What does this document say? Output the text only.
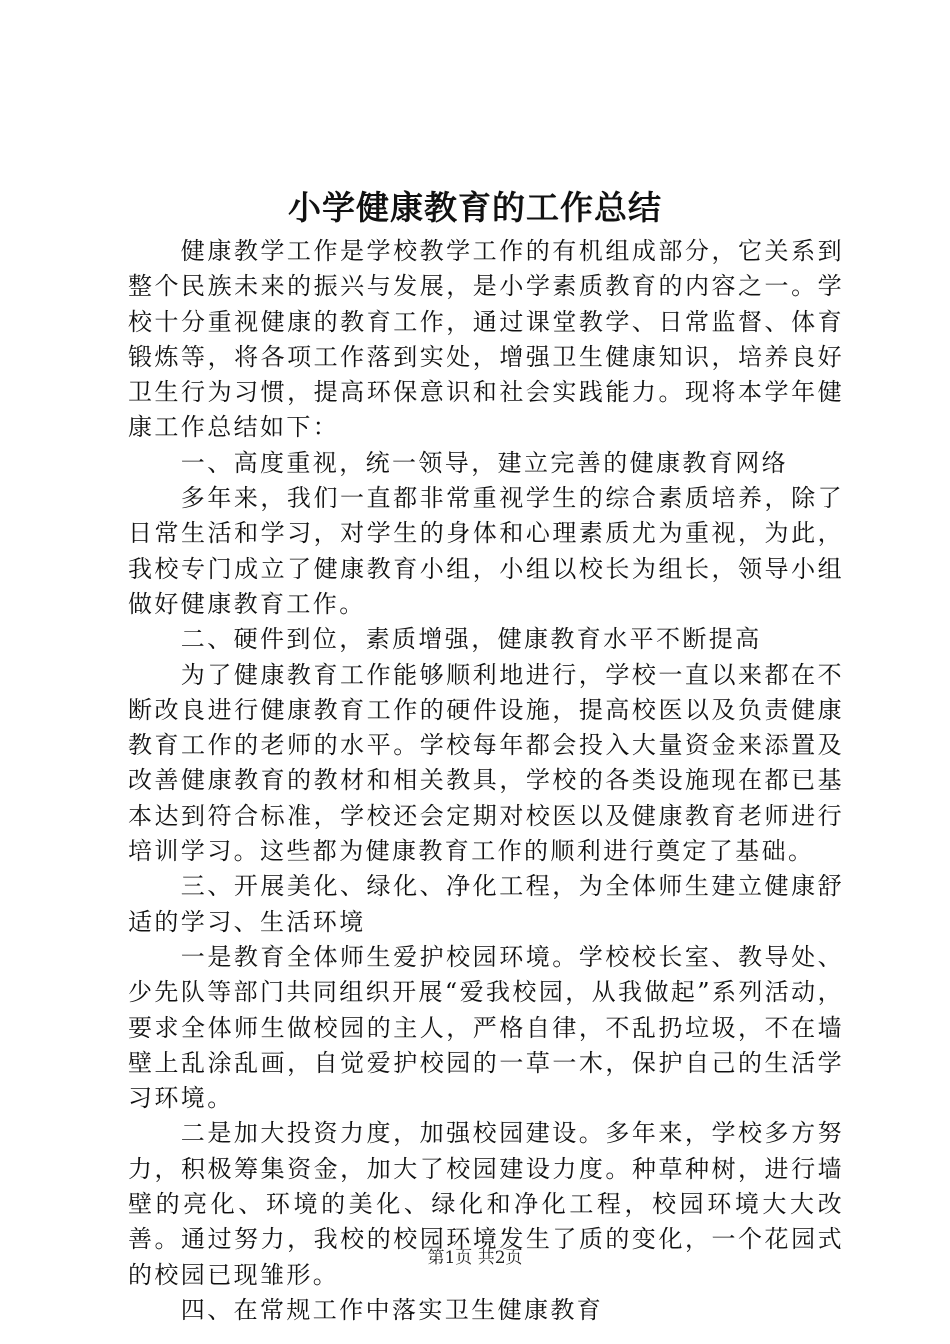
小学健康教育的工作总结

健康教学工作是学校教学工作的有机组成部分，它关系到整个民族未来的振兴与发展，是小学素质教育的内容之一。学校十分重视健康的教育工作，通过课堂教学、日常监督、体育锻炼等，将各项工作落到实处，增强卫生健康知识，培养良好卫生行为习惯，提高环保意识和社会实践能力。现将本学年健康工作总结如下：

一、高度重视，统一领导，建立完善的健康教育网络

多年来，我们一直都非常重视学生的综合素质培养，除了日常生活和学习，对学生的身体和心理素质尤为重视，为此，我校专门成立了健康教育小组，小组以校长为组长，领导小组做好健康教育工作。

二、硬件到位，素质增强，健康教育水平不断提高

为了健康教育工作能够顺利地进行，学校一直以来都在不断改良进行健康教育工作的硬件设施，提高校医以及负责健康教育工作的老师的水平。学校每年都会投入大量资金来添置及改善健康教育的教材和相关教具，学校的各类设施现在都已基本达到符合标准，学校还会定期对校医以及健康教育老师进行培训学习。这些都为健康教育工作的顺利进行奠定了基础。

三、开展美化、绿化、净化工程，为全体师生建立健康舒适的学习、生活环境

一是教育全体师生爱护校园环境。学校校长室、教导处、少先队等部门共同组织开展“爱我校园，从我做起”系列活动，要求全体师生做校园的主人，严格自律，不乱扔垃圾，不在墙壁上乱涂乱画，自觉爱护校园的一草一木，保护自己的生活学习环境。

二是加大投资力度，加强校园建设。多年来，学校多方努力，积极筹集资金，加大了校园建设力度。种草种树，进行墙壁的亮化、环境的美化、绿化和净化工程，校园环境大大改善。通过努力，我校的校园环境发生了质的变化，一个花园式的校园已现雏形。

四、在常规工作中落实卫生健康教育

第1页 共2页
